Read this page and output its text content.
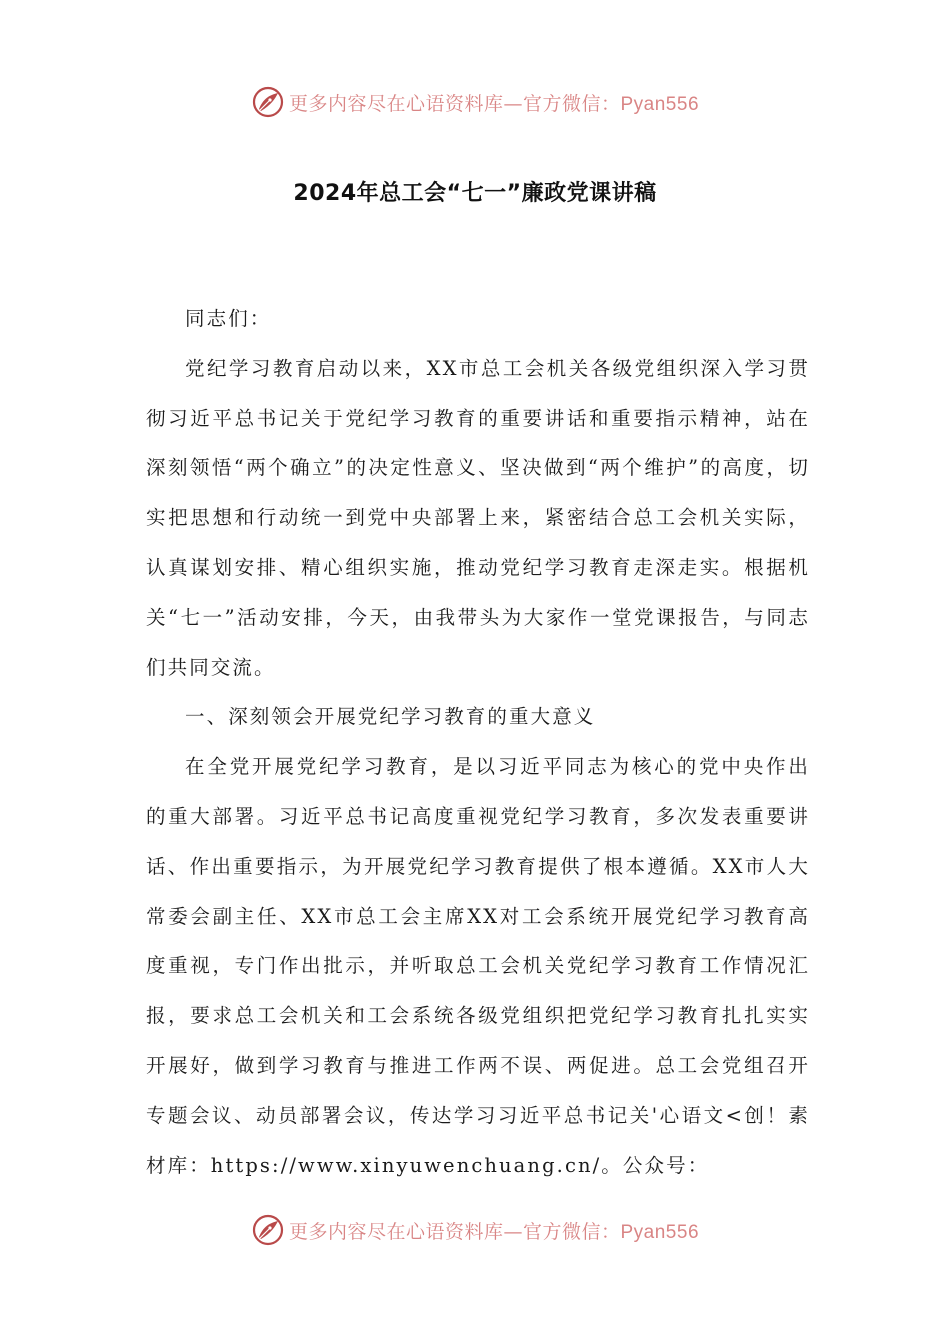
更多内容尽在心语资料库—官方微信：Pyan556
2024年总工会“七一”廉政党课讲稿

同志们：

党纪学习教育启动以来，XX市总工会机关各级党组织深入学习贯彻习近平总书记关于党纪学习教育的重要讲话和重要指示精神，站在深刻领悟“两个确立”的决定性意义、坚决做到“两个维护”的高度，切实把思想和行动统一到党中央部署上来，紧密结合总工会机关实际，认真谋划安排、精心组织实施，推动党纪学习教育走深走实。根据机关“七一”活动安排，今天，由我带头为大家作一堂党课报告，与同志们共同交流。

一、深刻领会开展党纪学习教育的重大意义

在全党开展党纪学习教育，是以习近平同志为核心的党中央作出的重大部署。习近平总书记高度重视党纪学习教育，多次发表重要讲话、作出重要指示，为开展党纪学习教育提供了根本遵循。XX市人大常委会副主任、XX市总工会主席XX对工会系统开展党纪学习教育高度重视，专门作出批示，并听取总工会机关党纪学习教育工作情况汇报，要求总工会机关和工会系统各级党组织把党纪学习教育扎扎实实开展好，做到学习教育与推进工作两不误、两促进。总工会党组召开专题会议、动员部署会议，传达学习习近平总书记关'心语文<创！素材库：https://www.xinyuwenchuang.cn/。公众号：

更多内容尽在心语资料库—官方微信：Pyan556
